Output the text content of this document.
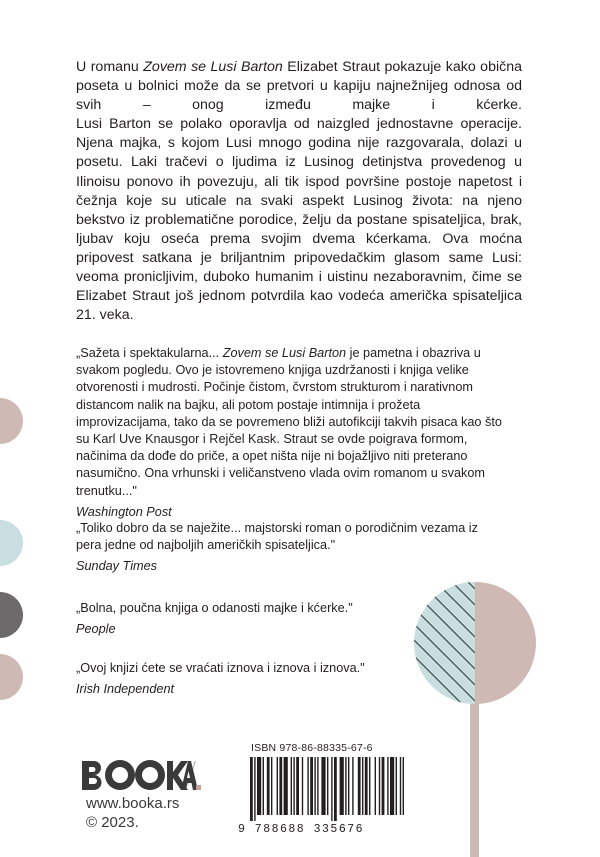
U romanu Zovem se Lusi Barton Elizabet Straut pokazuje kako obična poseta u bolnici može da se pretvori u kapiju najnežnijeg odnosa od svih – onog između majke i kćerke.

Lusi Barton se polako oporavlja od naizgled jednostavne operacije. Njena majka, s kojom Lusi mnogo godina nije razgovarala, dolazi u posetu. Laki tračevi o ljudima iz Lusinog detinjstva provedenog u Ilinoisu ponovo ih povezuju, ali tik ispod površine postoje napetost i čežnja koje su uticale na svaki aspekt Lusinog života: na njeno bekstvo iz problematične porodice, želju da postane spisateljica, brak, ljubav koju oseća prema svojim dvema kćerkama. Ova moćna pripovest satkana je briljantnim pripovedačkim glasom same Lusi: veoma pronicljivim, duboko humanim i uistinu nezaboravnim, čime se Elizabet Straut još jednom potvrdila kao vodeća američka spisateljica 21. veka.

„Sažeta i spektakularna... Zovem se Lusi Barton je pametna i obazriva u svakom pogledu. Ovo je istovremeno knjiga uzdržanosti i knjiga velike otvorenosti i mudrosti. Počinje čistom, čvrstom strukturom i narativnom distancom nalik na bajku, ali potom postaje intimnija i prožeta improvizacijama, tako da se povremeno bliži autofikciji takvih pisaca kao što su Karl Uve Knausgor i Rejčel Kask. Straut se ovde poigrava formom, načinima da dođe do priče, a opet ništa nije ni bojažljivo niti preterano nasumično. Ona vrhunski i veličanstveno vlada ovim romanom u svakom trenutku..."

Washington Post

„Toliko dobro da se naježite... majstorski roman o porodičnim vezama iz pera jedne od najboljih američkih spisateljica."

Sunday Times

„Bolna, poučna knjiga o odanosti majke i kćerke."

People

„Ovoj knjizi ćete se vraćati iznova i iznova i iznova."

Irish Independent

www.booka.rs
© 2023.
ISBN 978-86-88335-67-6
9 788688 335676
